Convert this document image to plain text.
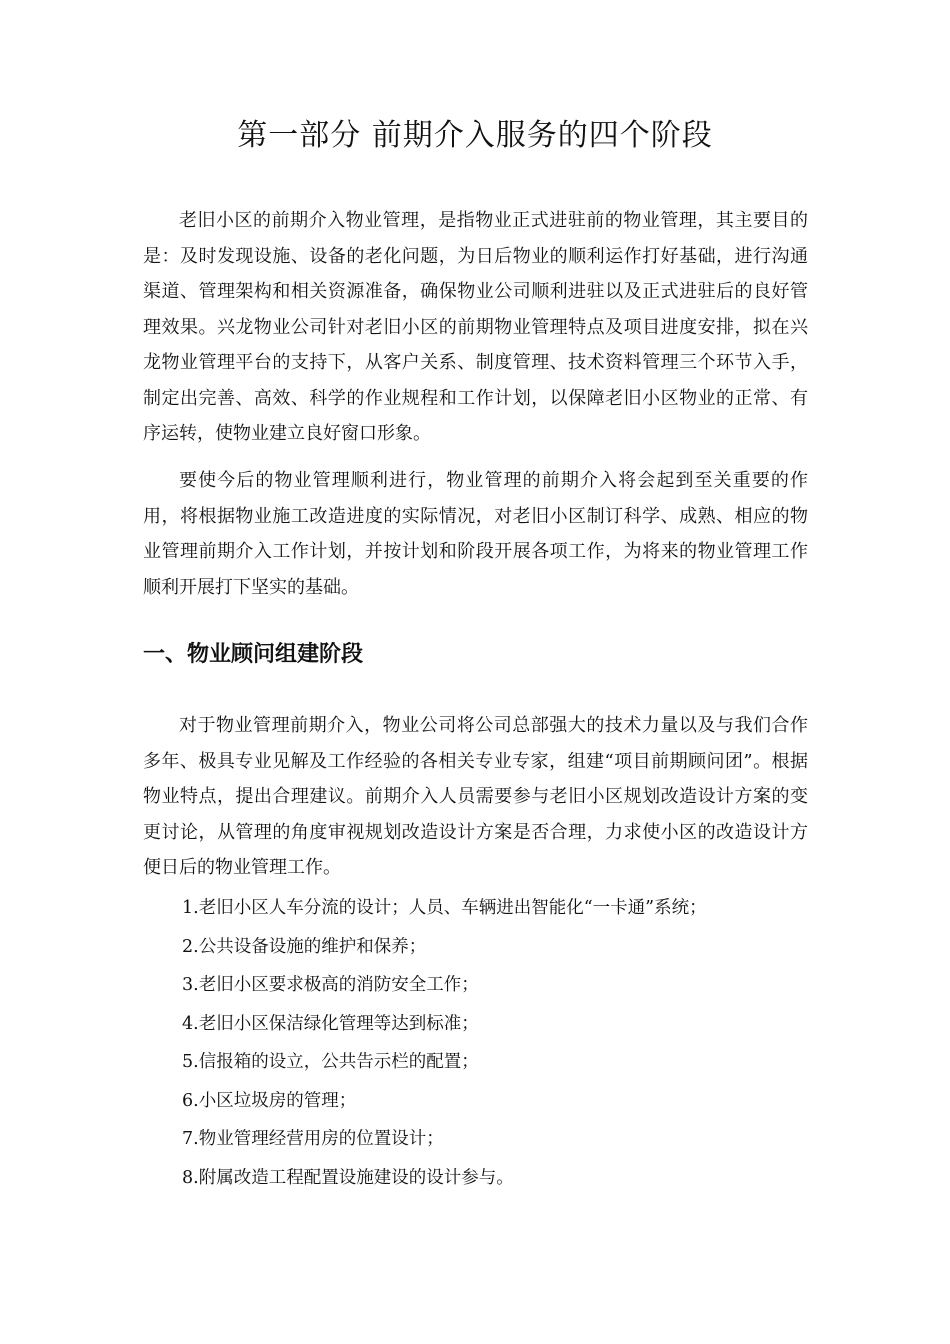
第一部分 前期介入服务的四个阶段

老旧小区的前期介入物业管理，是指物业正式进驻前的物业管理，其主要目的是：及时发现设施、设备的老化问题，为日后物业的顺利运作打好基础，进行沟通渠道、管理架构和相关资源准备，确保物业公司顺利进驻以及正式进驻后的良好管理效果。兴龙物业公司针对老旧小区的前期物业管理特点及项目进度安排，拟在兴龙物业管理平台的支持下，从客户关系、制度管理、技术资料管理三个环节入手，制定出完善、高效、科学的作业规程和工作计划，以保障老旧小区物业的正常、有序运转，使物业建立良好窗口形象。

要使今后的物业管理顺利进行，物业管理的前期介入将会起到至关重要的作用，将根据物业施工改造进度的实际情况，对老旧小区制订科学、成熟、相应的物业管理前期介入工作计划，并按计划和阶段开展各项工作，为将来的物业管理工作顺利开展打下坚实的基础。

一、物业顾问组建阶段

对于物业管理前期介入，物业公司将公司总部强大的技术力量以及与我们合作多年、极具专业见解及工作经验的各相关专业专家，组建“项目前期顾问团”。根据物业特点，提出合理建议。前期介入人员需要参与老旧小区规划改造设计方案的变更讨论，从管理的角度审视规划改造设计方案是否合理，力求使小区的改造设计方便日后的物业管理工作。

1.老旧小区人车分流的设计；人员、车辆进出智能化“一卡通”系统；
2.公共设备设施的维护和保养；
3.老旧小区要求极高的消防安全工作；
4.老旧小区保洁绿化管理等达到标准；
5.信报箱的设立，公共告示栏的配置；
6.小区垃圾房的管理；
7.物业管理经营用房的位置设计；
8.附属改造工程配置设施建设的设计参与。
